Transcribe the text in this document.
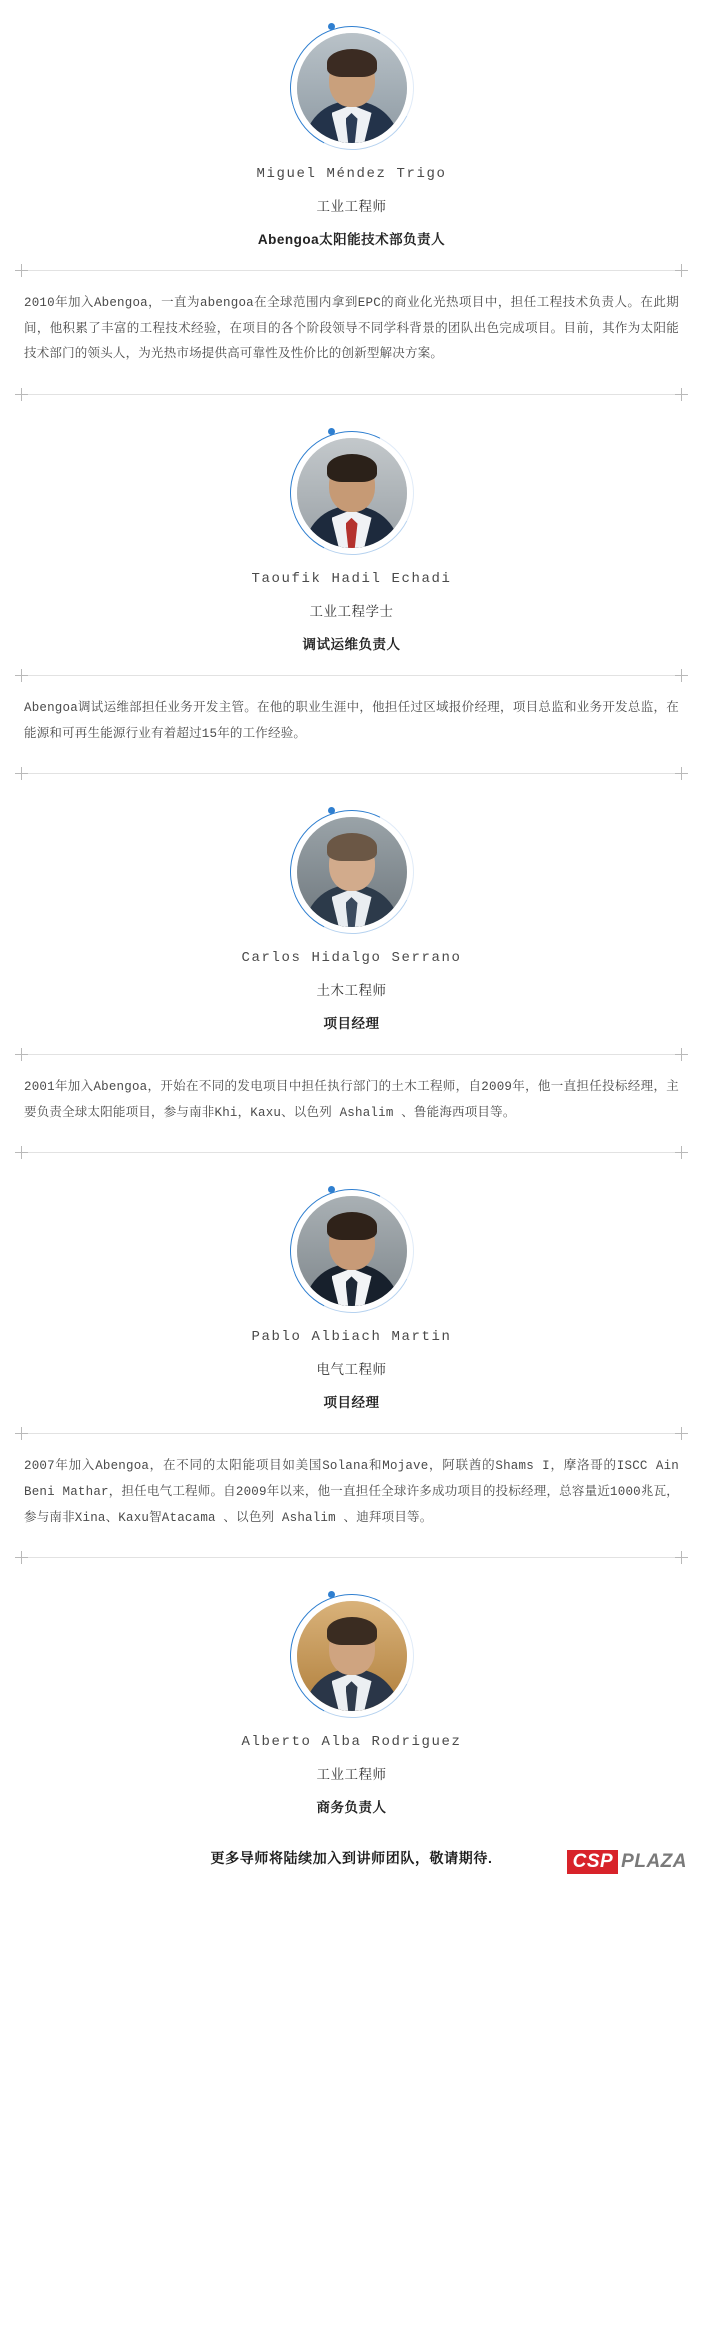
Miguel Méndez Trigo
工业工程师
Abengoa太阳能技术部负责人
2010年加入Abengoa，一直为abengoa在全球范围内拿到EPC的商业化光热项目中，担任工程技术负责人。在此期间，他积累了丰富的工程技术经验，在项目的各个阶段领导不同学科背景的团队出色完成项目。目前，其作为太阳能技术部门的领头人，为光热市场提供高可靠性及性价比的创新型解决方案。
Taoufik Hadil Echadi
工业工程学士
调试运维负责人
Abengoa调试运维部担任业务开发主管。在他的职业生涯中，他担任过区域报价经理，项目总监和业务开发总监，在能源和可再生能源行业有着超过15年的工作经验。
Carlos Hidalgo Serrano
土木工程师
项目经理
2001年加入Abengoa，开始在不同的发电项目中担任执行部门的土木工程师，自2009年，他一直担任投标经理，主要负责全球太阳能项目，参与南非Khi，Kaxu、以色列 Ashalim 、鲁能海西项目等。
Pablo Albiach Martin
电气工程师
项目经理
2007年加入Abengoa，在不同的太阳能项目如美国Solana和Mojave，阿联酋的Shams I，摩洛哥的ISCC Ain Beni Mathar，担任电气工程师。自2009年以来，他一直担任全球许多成功项目的投标经理，总容量近1000兆瓦，参与南非Xina、Kaxu智Atacama 、以色列 Ashalim 、迪拜项目等。
Alberto Alba Rodriguez
工业工程师
商务负责人
更多导师将陆续加入到讲师团队，敬请期待.	CSP PLAZA
